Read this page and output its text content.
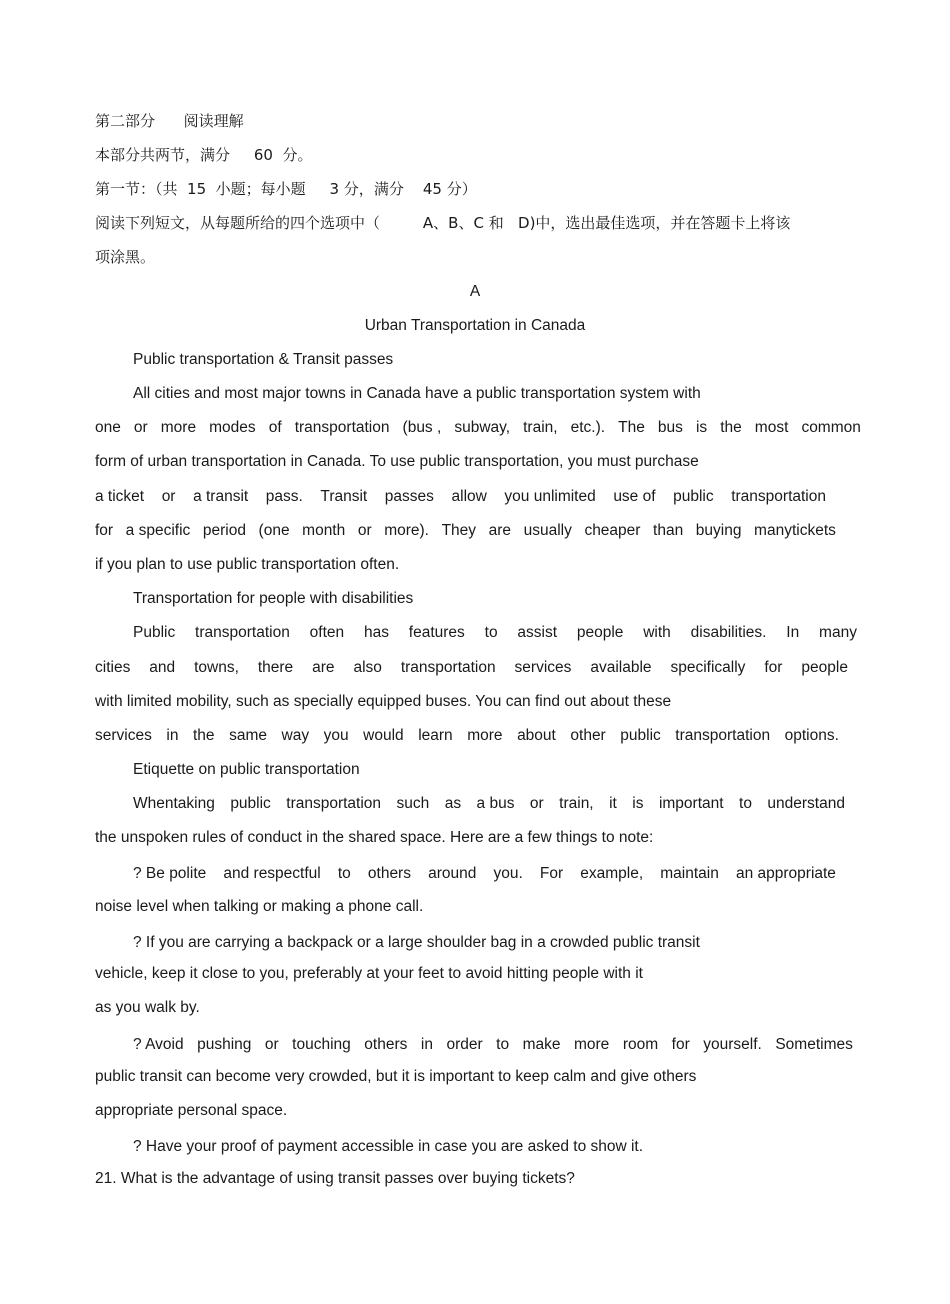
第二部分      阅读理解
本部分共两节，满分     60  分。
第一节：（共  15  小题；每小题     3 分，满分    45 分）
阅读下列短文，从每题所给的四个选项中（         A、B、C 和   D)中，选出最佳选项，并在答题卡上将该
项涂黑。
A
Urban Transportation in Canada
Public transportation & Transit passes
All cities and most major towns in Canada have a public transportation system with
one or more modes of transportation (bus , subway, train, etc.). The bus is the most common
form of urban transportation in Canada. To use public transportation, you must purchase
a ticket or a transit pass. Transit passes allow you unlimited use of public transportation
for a specific period (one month or more). They are usually cheaper than buying manytickets
if you plan to use public transportation often.
Transportation for people with disabilities
Public transportation often has features to assist people with disabilities. In many
cities and towns, there are also transportation services available specifically for people
with limited mobility, such as specially equipped buses. You can find out about these
services in the same way you would learn more about other public transportation options.
Etiquette on public transportation
Whentaking public transportation such as a bus or train, it is important to understand
the unspoken rules of conduct in the shared space. Here are a few things to note:
? Be polite and respectful to others around you. For example, maintain an appropriate
noise level when talking or making a phone call.
? If you are carrying a backpack or a large shoulder bag in a crowded public transit
vehicle, keep it close to you, preferably at your feet to avoid hitting people with it
as you walk by.
? Avoid pushing or touching others in order to make more room for yourself. Sometimes
public transit can become very crowded, but it is important to keep calm and give others
appropriate personal space.
? Have your proof of payment accessible in case you are asked to show it.
21. What is the advantage of using transit passes over buying tickets?
